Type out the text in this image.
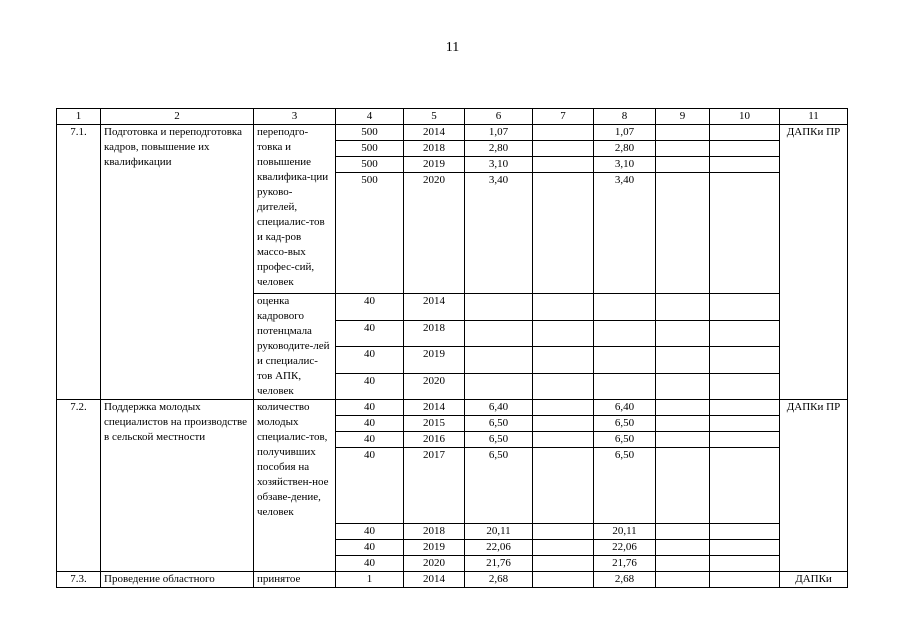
11
1	2	3	4	5	6	7	8	9	10	11
7.1.	Подготовка и переподготовка кадров, повышение их квалификации	переподго-товка и повышение квалифика-ции руково-дителей, специалис-тов и кад-ров массо-вых профес-сий, человек	500	2014	1,07		1,07			ДАПКи ПР
			500	2018	2,80		2,80			
			500	2019	3,10		3,10			
			500	2020	3,40		3,40			
		оценка кадрового потенцмала руководите-лей и специалис-тов АПК, человек	40	2014						
			40	2018						
			40	2019						
			40	2020						
7.2.	Поддержка молодых специалистов на производстве в сельской местности	количество молодых специалис-тов, получивших пособия на хозяйствен-ное обзаве-дение, человек	40	2014	6,40		6,40			ДАПКи ПР
			40	2015	6,50		6,50			
			40	2016	6,50		6,50			
			40	2017	6,50		6,50			
			40	2018	20,11		20,11			
			40	2019	22,06		22,06			
			40	2020	21,76		21,76			
7.3.	Проведение областного	принятое	1	2014	2,68		2,68			ДАПКи
